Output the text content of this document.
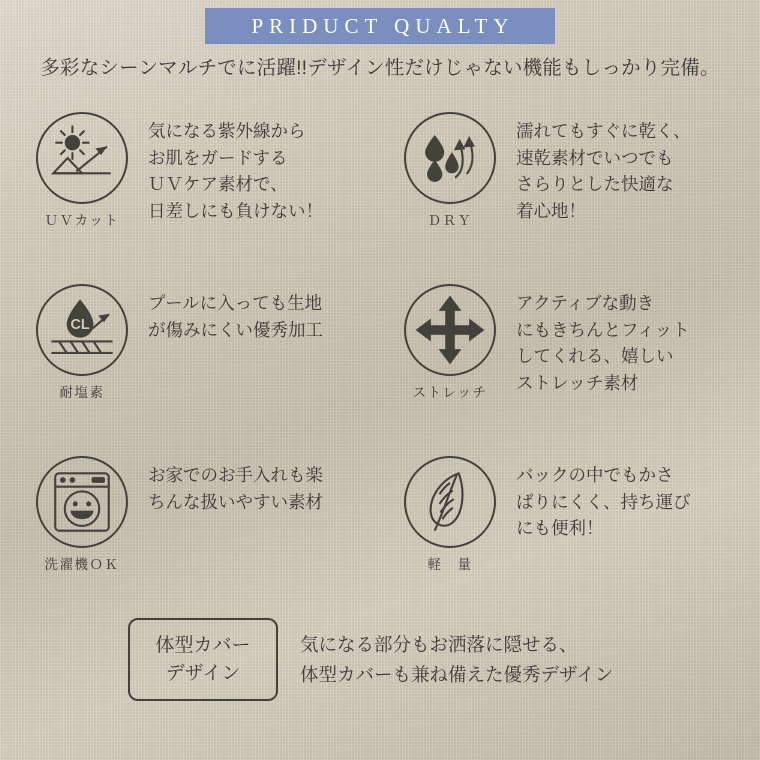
PRIDUCT QUALTY
多彩なシーンマルチでに活躍!!デザイン性だけじゃない機能もしっかり完備。
ＵＶカット
気になる紫外線から
お肌をガードする
ＵＶケア素材で、
日差しにも負けない！	ＤＲＹ
濡れてもすぐに乾く、
速乾素材でいつでも
さらりとした快適な
着心地！
CL
耐塩素
プールに入っても生地
が傷みにくい優秀加工
ストレッチ
アクティブな動き
にもきちんとフィット
してくれる、嬉しい
ストレッチ素材
洗濯機ＯＫ
お家でのお手入れも楽
ちんな扱いやすい素材
軽　量
バックの中でもかさ
ばりにくく、持ち運び
にも便利！
体型カバー
デザイン
気になる部分もお洒落に隠せる、
体型カバーも兼ね備えた優秀デザイン
